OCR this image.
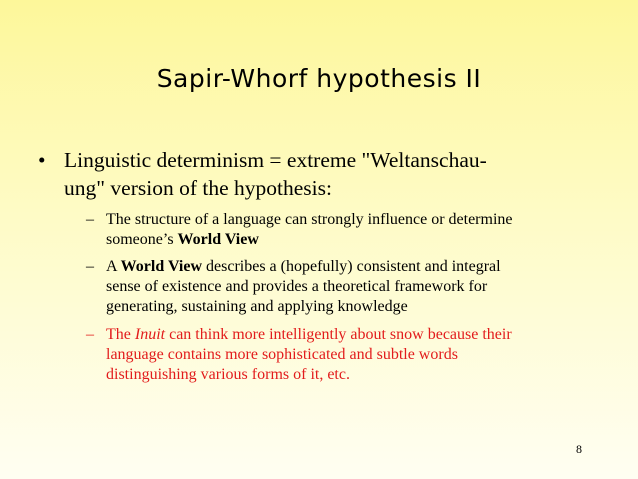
Sapir-Whorf hypothesis II
• Linguistic determinism = extreme "Weltanschau-
ung" version of the hypothesis:
– The structure of a language can strongly influence or determine
someone’s World View
– A World View describes a (hopefully) consistent and integral
sense of existence and provides a theoretical framework for
generating, sustaining and applying knowledge
– The Inuit can think more intelligently about snow because their
language contains more sophisticated and subtle words
distinguishing various forms of it, etc.
8
